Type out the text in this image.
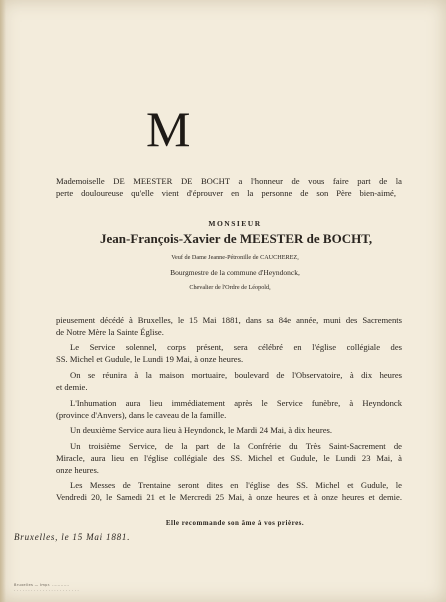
M
Mademoiselle DE MEESTER DE BOCHT a l'honneur de vous faire part de la
perte douloureuse qu'elle vient d'éprouver en la personne de son Père bien-aimé,
MONSIEUR
Jean-François-Xavier de MEESTER de BOCHT,
Veuf de Dame Jeanne-Pétronille de CAUCHEREZ,
Bourgmestre de la commune d'Heyndonck,
Chevalier de l'Ordre de Léopold,
pieusement décédé à Bruxelles, le 15 Mai 1881, dans sa 84e année, muni des Sacrements
de Notre Mère la Sainte Église.
Le Service solennel, corps présent, sera célébré en l'église collégiale des
SS. Michel et Gudule, le Lundi 19 Mai, à onze heures.
On se réunira à la maison mortuaire, boulevard de l'Observatoire, à dix heures
et demie.
L'Inhumation aura lieu immédiatement après le Service funèbre, à Heyndonck
(province d'Anvers), dans le caveau de la famille.
Un deuxième Service aura lieu à Heyndonck, le Mardi 24 Mai, à dix heures.
Un troisième Service, de la part de la Confrérie du Très Saint-Sacrement de
Miracle, aura lieu en l'église collégiale des SS. Michel et Gudule, le Lundi 23 Mai, à
onze heures.
Les Messes de Trentaine seront dites en l'église des SS. Michel et Gudule, le
Vendredi 20, le Samedi 21 et le Mercredi 25 Mai, à onze heures et à onze heures et demie.
Elle recommande son âme à vos prières.
Bruxelles, le 15 Mai 1881.
Bruxelles — Impr. ............
. . . . . . . . . . . . . . . . . . . . . . .
